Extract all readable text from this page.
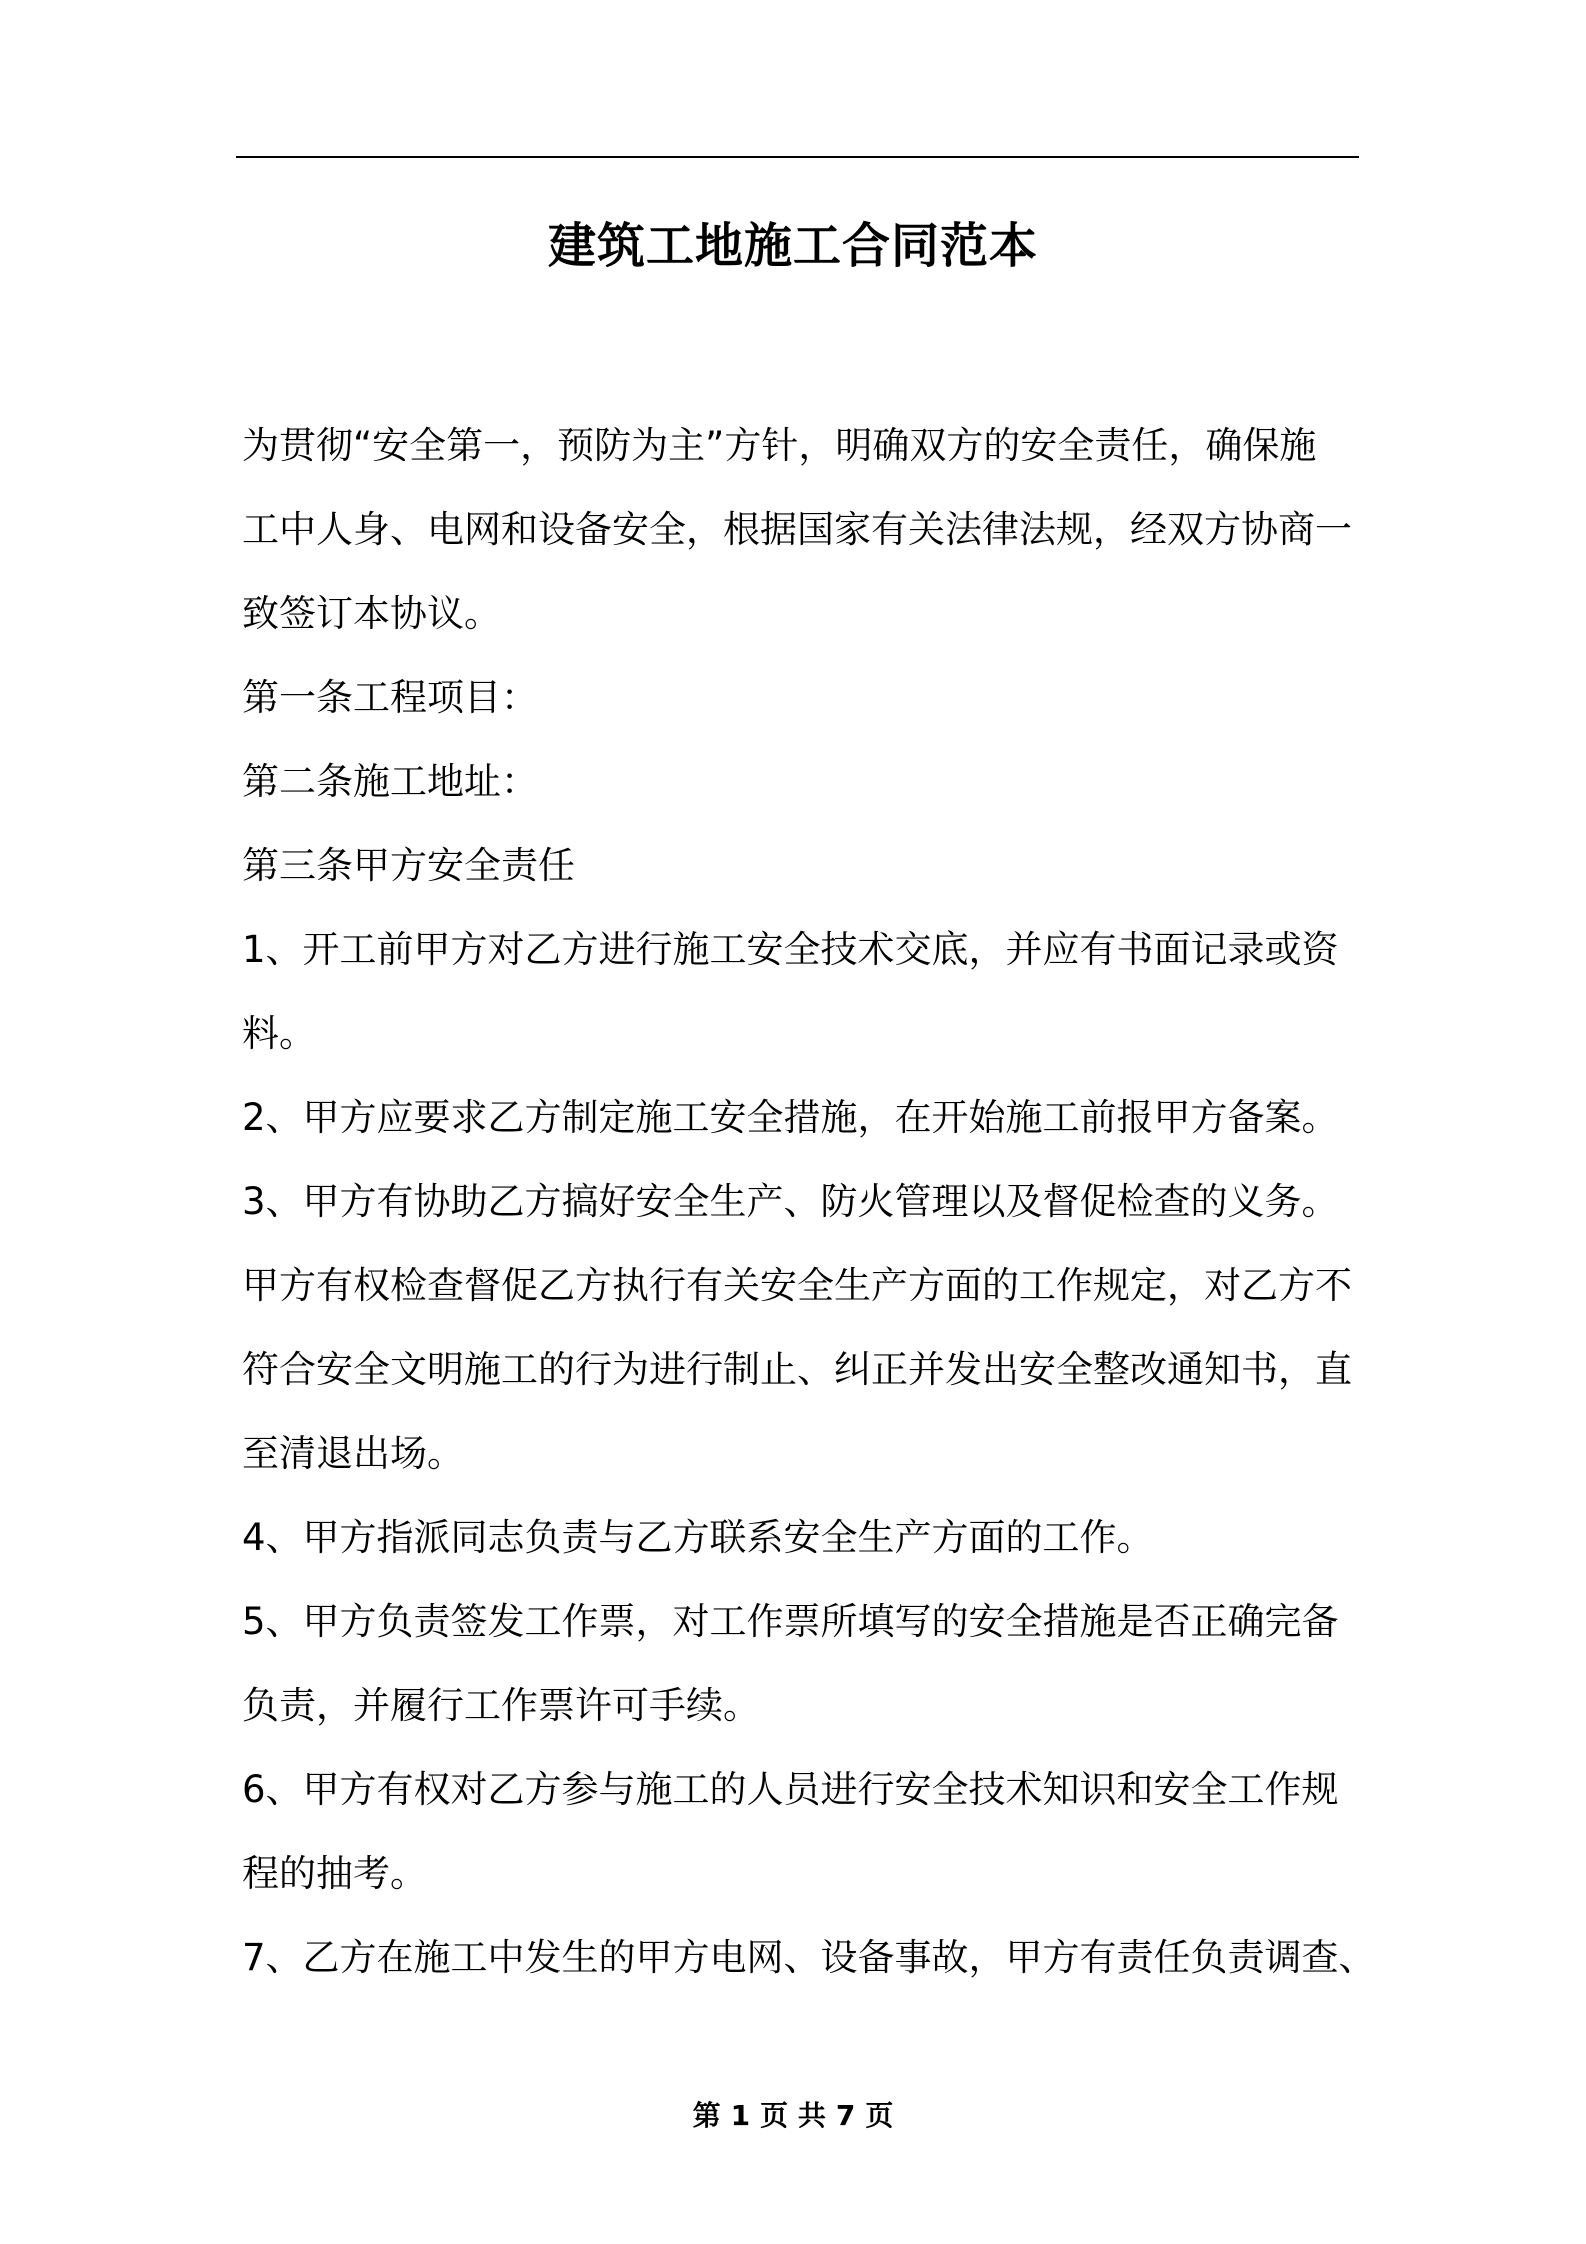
建筑工地施工合同范本

为贯彻“安全第一，预防为主”方针，明确双方的安全责任，确保施

工中人身、电网和设备安全，根据国家有关法律法规，经双方协商一

致签订本协议。

第一条工程项目：

第二条施工地址：

第三条甲方安全责任

1、开工前甲方对乙方进行施工安全技术交底，并应有书面记录或资

料。

2、甲方应要求乙方制定施工安全措施，在开始施工前报甲方备案。

3、甲方有协助乙方搞好安全生产、防火管理以及督促检查的义务。

甲方有权检查督促乙方执行有关安全生产方面的工作规定，对乙方不

符合安全文明施工的行为进行制止、纠正并发出安全整改通知书，直

至清退出场。

4、甲方指派同志负责与乙方联系安全生产方面的工作。

5、甲方负责签发工作票，对工作票所填写的安全措施是否正确完备

负责，并履行工作票许可手续。

6、甲方有权对乙方参与施工的人员进行安全技术知识和安全工作规

程的抽考。

7、乙方在施工中发生的甲方电网、设备事故，甲方有责任负责调查、

第 1 页 共 7 页
